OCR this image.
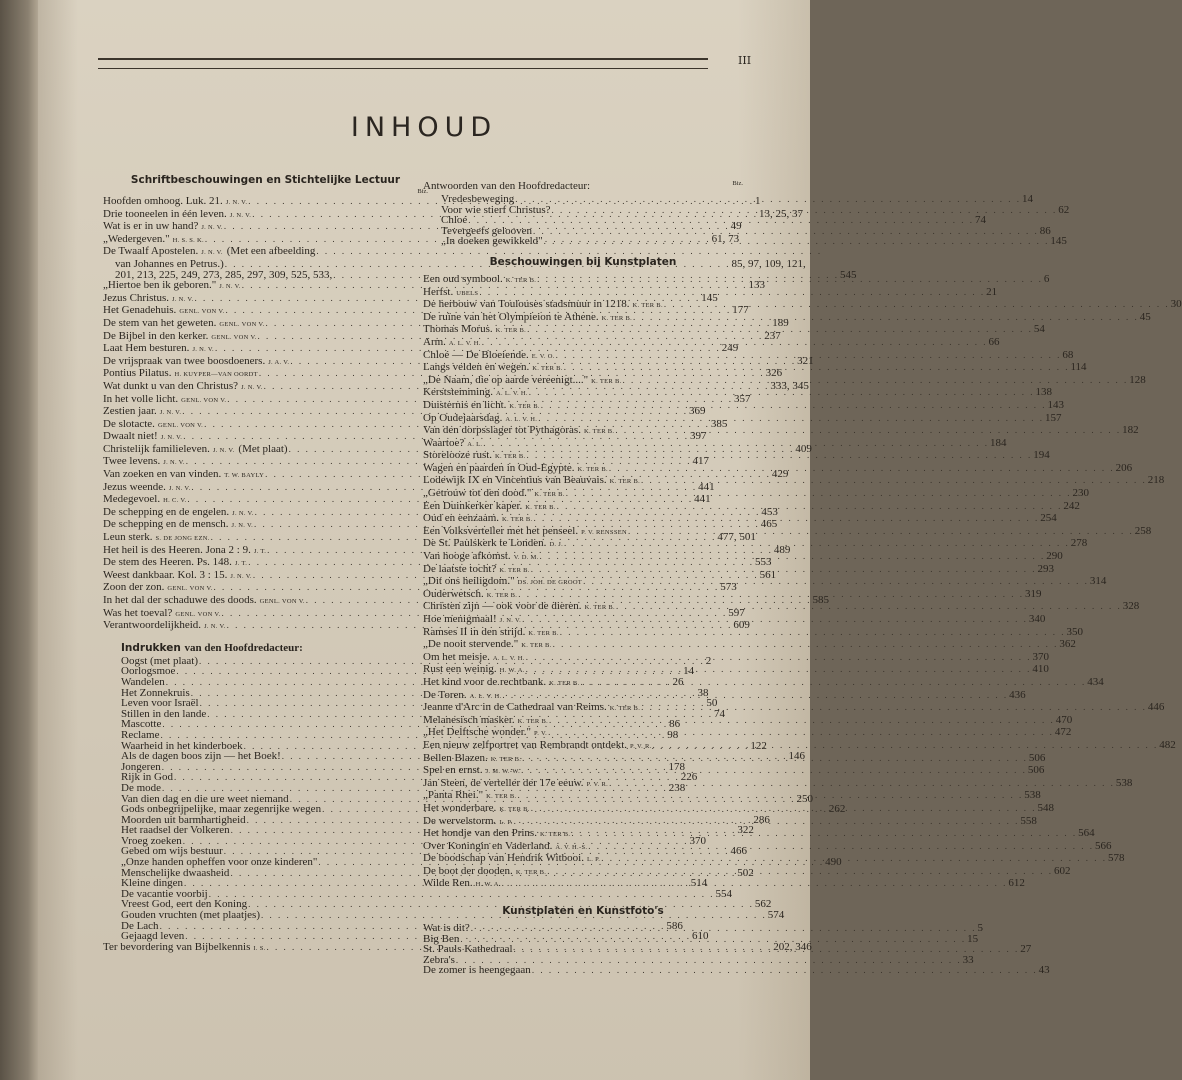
III
INHOUD
Schriftbeschouwingen en Stichtelijke Lectuur
Biz.
Hoofden omhoog. Luk. 21. J. N. V. . . .	1
Drie tooneelen in één leven. J. N. V. . . .	13, 25, 37
Wat is er in uw hand? J. N. V. . . .	49
„Wedergeven." H. S. S. K. . . .	61, 73
De Twaalf Apostelen. J. N. V. (Met een afbeelding
. . .
van Johannes en Petrus.) . . .	85, 97, 109, 121,
201, 213, 225, 249, 273, 285, 297, 309, 525, 533, . . .	545
„Hiertoe ben ik geboren." J. N. V. . . .	133
Jezus Christus. J. N. V. . . .	145
Het Genadehuis. GENL. VON V. . . .	177
De stem van het geweten. GENL. VON V. . . .	189
De Bijbel in den kerker. GENL. VON V. . . .	237
Laat Hem besturen. J. N. V. . . .	249
De vrijspraak van twee boosdoeners. J. A. V. . . .	321
Pontius Pilatus. H. KUYPER—VAN OORDT . . .	326
Wat dunkt u van den Christus? J. N. V. . . .	333, 345
In het volle licht. GENL. VON V. . . .	357
Zestien jaar. J. N. V. . . .	369
De slotacte. GENL. VON V. . . .	385
Dwaalt niet! J. N. V. . . .	397
Christelijk familieleven. J. N. V. (Met plaat) . . .	409
Twee levens. J. N. V. . . .	417
Van zoeken en van vinden. T. W. BAYLY . . .	429
Jezus weende. J. N. V. . . .	441
Medegevoel. H. C. V. . . .	441
De schepping en de engelen. J. N. V. . . .	453
De schepping en de mensch. J. N. V. . . .	465
Leun sterk. S. DE JONG EZN. . . .	477, 501
Het heil is des Heeren. Jona 2 : 9. J. T. . . .	489
De stem des Heeren. Ps. 148. J. T. . . .	553
Weest dankbaar. Kol. 3 : 15. J. N. V. . . .	561
Zoon der zon. GENL. VON V. . . .	573
In het dal der schaduwe des doods. GENL. VON V. . . .	585
Was het toeval? GENL. VON V. . . .	597
Verantwoordelijkheid. J. N. V. . . .	609
Indrukken van den Hoofdredacteur:
Oogst (met plaat) . . .	2
Oorlogsmoe . . .	14
Wandelen . . .	26
Het Zonnekruis . . .	38
Leven voor Israël . . .	50
Stillen in den lande . . .	74
Mascotte . . .	86
Reclame . . .	98
Waarheid in het kinderboek . . .	122
Als de dagen boos zijn — het Boek! . . .	146
Jongeren . . .	178
Rijk in God . . .	226
De mode . . .	238
Van dien dag en die ure weet niemand . . .	250
Gods onbegrijpelijke, maar zegenrijke wegen . . .	262
Moorden uit barmhartigheid . . .	286
Het raadsel der Volkeren . . .	322
Vroeg zoeken . . .	370
Gebed om wijs bestuur . . .	466
„Onze handen opheffen voor onze kinderen" . . .	490
Menschelijke dwaasheid . . .	502
Kleine dingen . . .	514
De vacantie voorbij . . .	554
Vreest God, eert den Koning . . .	562
Gouden vruchten (met plaatjes) . . .	574
De Lach . . .	586
Gejaagd leven . . .	610
Ter bevordering van Bijbelkennis I. S. . . .	202, 346
Antwoorden van den Hoofdredacteur:	Biz.
Vredesbeweging . . .	14
Voor wie stierf Christus? . . .	62
Chloé . . .	74
Tevergeefs gelooven . . .	86
„In doeken gewikkeld" . . .	145
Beschouwingen bij Kunstplaten
Een oud symbool. K. TER B. . . .	6
Herfst. UBELS . . .	21
De herbouw van Toulouses stadsmuur in 1218. K. TER B. . . .	30
De ruïne van het Olympieion te Athene. K. TER B. . . .	45
Thomas Morus. K. TER B. . . .	54
Arm. A. L. V. H. . . .	66
Chloé — De Bloeiende. E. V. O. . . .	68
Langs velden en wegen. K. TER B. . . .	114
„De Naam, die op aarde vereenigt...." K. TER B. . . .	128
Kerststemming. A. L. V. H. . . .	138
Duisternis en licht. K. TER B. . . .	143
Op Oudejaarsdag. A. L. V. H. . . .	157
Van den dorpsslager tot Pythagoras. K. TER B. . . .	182
Waartoe? A. L. . . .	184
Storelooze rust. K. TER B. . . .	194
Wagen en paarden in Oud-Egypte. K. TER B. . . .	206
Lodewijk IX en Vincentius van Beauvais. K. TER B. . . .	218
„Getrouw tot den dood." K. TER B. . . .	230
Een Duinkerker kaper. K. TER B. . . .	242
Oud en eenzaam. K. TER B. . . .	254
Een Volksverteller met het penseel. P. V. RENSSEN . . .	258
De St. Paulskerk te Londen. D. J. . . .	278
Van hooge afkomst. V. D. M. . . .	290
De laatste tocht? K. TER B. . . .	293
„Dit ons heiligdom." DS. JOH. DE GROOT . . .	314
Ouderwetsch. K. TER B. . . .	319
Christen zijn — ook voor de dieren. K. TER B. . . .	328
Hoe menigmaal! J. N. V. . . .	340
Ramses II in den strijd. K. TER B. . . .	350
„De nooit stervende." K. TER B. . . .	362
Om het meisje. A. L. V. H. . . .	370
Rust een weinig. H. W. A. . . .	410
Het kind voor de rechtbank. K. TER B. . . .	434
De Toren. A. L. V. H. . . .	436
Jeanne d'Arc in de Cathedraal van Reims. K. TER B. . . .	446
Melanesisch masker. K. TER B. . . .	470
„Het Delftsche wonder." P. V. . . .	472
Een nieuw zelfportret van Rembrandt ontdekt. P. V. R. . . .	482
Bellen Blazen. K. TER B. . . .	506
Spel en ernst. J. M. W.-W. . . .	506
Jan Steen, de verteller der 17e eeuw. P. V. R. . . .	538
„Panta Rhei." K. TER B. . . .	538
Het wonderbare. K. TER B. . . .	548
De wervelstorm. L. P. . . .	558
Het hondje van den Prins. K. TER B. . . .	564
Over Koningin en Vaderland. A. V. H.-S. . . .	566
De boodschap van Hendrik Witbooi. L. P. . . .	578
De boot der dooden. K. TER B. . . .	602
Wilde Ren. H. W. A. . . .	612
Kunstplaten en Kunstfoto's
Wat is dit? . . .	5
Big Ben . . .	15
St. Pauls Kathedraal . . .	27
Zebra's . . .	33
De zomer is heengegaan . . .	43
